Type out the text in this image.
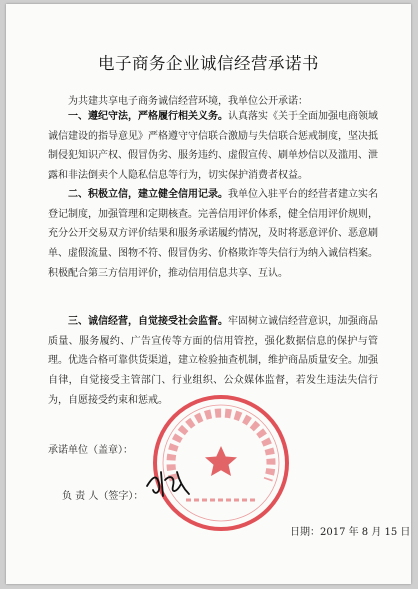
电子商务企业诚信经营承诺书
为共建共享电子商务诚信经营环境，我单位公开承诺：
一、遵纪守法，严格履行相关义务。认真落实《关于全面加强电商领域诚信建设的指导意见》严格遵守守信联合激励与失信联合惩戒制度，坚决抵制侵犯知识产权、假冒伪劣、服务违约、虚假宣传、刷单炒信以及滥用、泄露和非法倒卖个人隐私信息等行为，切实保护消费者权益。
二、积极立信，建立健全信用记录。我单位入驻平台的经营者建立实名登记制度，加强管理和定期核查。完善信用评价体系，健全信用评价规则，充分公开交易双方评价结果和服务承诺履约情况，及时将恶意评价、恶意刷单、虚假流量、图物不符、假冒伪劣、价格欺诈等失信行为纳入诚信档案。积极配合第三方信用评价，推动信用信息共享、互认。
三、诚信经营，自觉接受社会监督。牢固树立诚信经营意识，加强商品质量、服务履约、广告宣传等方面的信用管控，强化数据信息的保护与管理。优选合格可靠供货渠道，建立检验抽查机制，维护商品质量安全。加强自律，自觉接受主管部门、行业组织、公众媒体监督，若发生违法失信行为，自愿接受约束和惩戒。
承诺单位（盖章）：
负 责 人（签字）：
日期：2017 年 8 月 15 日
